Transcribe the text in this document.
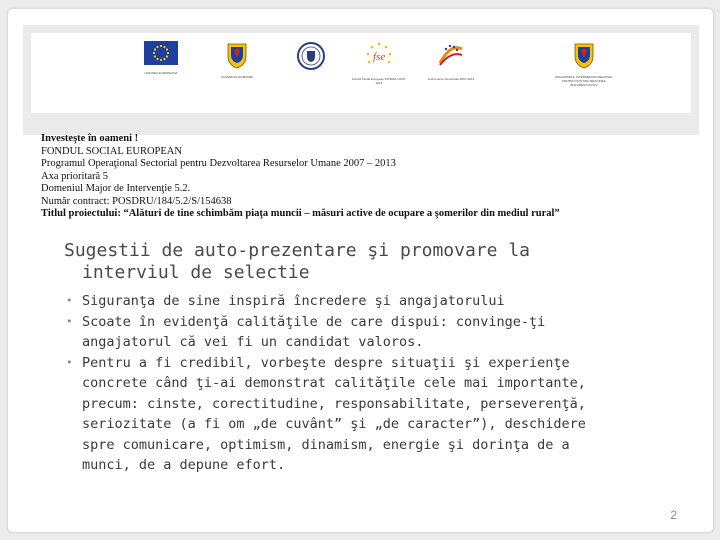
UNIUNEA EUROPEANA
GUVERNUL ROMANIEI
fse
Fondul Social European POSDRU 2007-2013
Instrumente Structurale 2007-2013	ORGANISMUL INTERMEDIAR REGIONAL PENTRU POS DRU REGIUNEA BUCURESTI-ILFOV
Investeşte în oameni !
FONDUL SOCIAL EUROPEAN
Programul Operaţional Sectorial pentru Dezvoltarea Resurselor Umane 2007 – 2013
Axa prioritară 5
Domeniul Major de Intervenţie 5.2.
Număr contract: POSDRU/184/5.2/S/154638
Titlul proiectului: “Alături de tine schimbăm piaţa muncii – măsuri active de ocupare a şomerilor din mediul rural”
Sugestii de auto-prezentare şi promovare la
interviul de selectie
• Siguranţa de sine inspiră încredere şi angajatorului
• Scoate în evidenţă calităţile de care dispui: convinge-ţi angajatorul că vei fi un candidat valoros.
• Pentru a fi credibil, vorbeşte despre situaţii şi experienţe concrete când ţi-ai demonstrat calităţile cele mai importante, precum: cinste, corectitudine, responsabilitate, perseverenţă, seriozitate (a fi om „de cuvânt” şi „de caracter”), deschidere spre comunicare, optimism, dinamism, energie şi dorinţa de a munci, de a depune efort.
2
